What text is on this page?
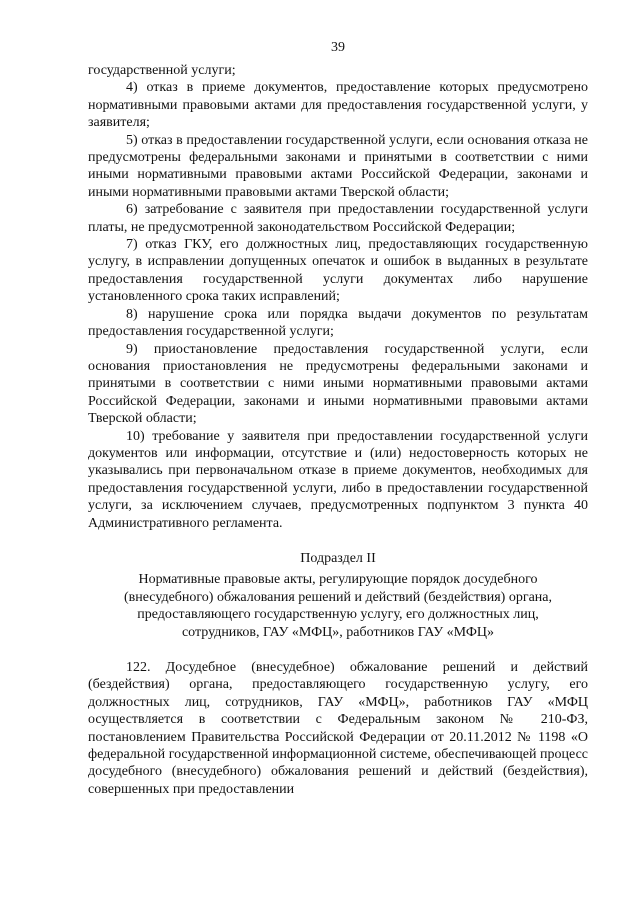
39

государственной услуги;

4) отказ в приеме документов, предоставление которых предусмотрено нормативными правовыми актами для предоставления государственной услуги, у заявителя;

5) отказ в предоставлении государственной услуги, если основания отказа не предусмотрены федеральными законами и принятыми в соответствии с ними иными нормативными правовыми актами Российской Федерации, законами и иными нормативными правовыми актами Тверской области;

6) затребование с заявителя при предоставлении государственной услуги платы, не предусмотренной законодательством Российской Федерации;

7) отказ ГКУ, его должностных лиц, предоставляющих государственную услугу, в исправлении допущенных опечаток и ошибок в выданных в результате предоставления государственной услуги документах либо нарушение установленного срока таких исправлений;

8) нарушение срока или порядка выдачи документов по результатам предоставления государственной услуги;

9) приостановление предоставления государственной услуги, если основания приостановления не предусмотрены федеральными законами и принятыми в соответствии с ними иными нормативными правовыми актами Российской Федерации, законами и иными нормативными правовыми актами Тверской области;

10) требование у заявителя при предоставлении государственной услуги документов или информации, отсутствие и (или) недостоверность которых не указывались при первоначальном отказе в приеме документов, необходимых для предоставления государственной услуги, либо в предоставлении государственной услуги, за исключением случаев, предусмотренных подпунктом 3 пункта 40 Административного регламента.

Подраздел II

Нормативные правовые акты, регулирующие порядок досудебного (внесудебного) обжалования решений и действий (бездействия) органа, предоставляющего государственную услугу, его должностных лиц, сотрудников, ГАУ «МФЦ», работников ГАУ «МФЦ»

122. Досудебное (внесудебное) обжалование решений и действий (бездействия) органа, предоставляющего государственную услугу, его должностных лиц, сотрудников, ГАУ «МФЦ», работников ГАУ «МФЦ осуществляется в соответствии с Федеральным законом № 210-ФЗ, постановлением Правительства Российской Федерации от 20.11.2012 № 1198 «О федеральной государственной информационной системе, обеспечивающей процесс досудебного (внесудебного) обжалования решений и действий (бездействия), совершенных при предоставлении
